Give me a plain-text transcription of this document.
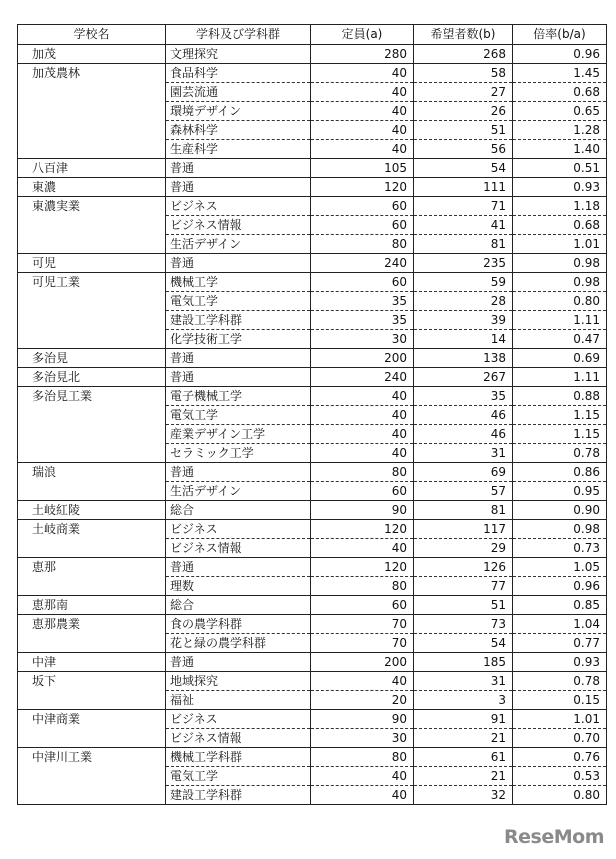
学校名	学科及び学科群	定員(a)	希望者数(b)	倍率(b/a)
加茂	文理探究	280	268	0.96
加茂農林	食品科学	40	58	1.45
	園芸流通	40	27	0.68
	環境デザイン	40	26	0.65
	森林科学	40	51	1.28
	生産科学	40	56	1.40
八百津	普通	105	54	0.51
東濃	普通	120	111	0.93
東濃実業	ビジネス	60	71	1.18
	ビジネス情報	60	41	0.68
	生活デザイン	80	81	1.01
可児	普通	240	235	0.98
可児工業	機械工学	60	59	0.98
	電気工学	35	28	0.80
	建設工学科群	35	39	1.11
	化学技術工学	30	14	0.47
多治見	普通	200	138	0.69
多治見北	普通	240	267	1.11
多治見工業	電子機械工学	40	35	0.88
	電気工学	40	46	1.15
	産業デザイン工学	40	46	1.15
	セラミック工学	40	31	0.78
瑞浪	普通	80	69	0.86
	生活デザイン	60	57	0.95
土岐紅陵	総合	90	81	0.90
土岐商業	ビジネス	120	117	0.98
	ビジネス情報	40	29	0.73
恵那	普通	120	126	1.05
	理数	80	77	0.96
恵那南	総合	60	51	0.85
恵那農業	食の農学科群	70	73	1.04
	花と緑の農学科群	70	54	0.77
中津	普通	200	185	0.93
坂下	地域探究	40	31	0.78
	福祉	20	3	0.15
中津商業	ビジネス	90	91	1.01
	ビジネス情報	30	21	0.70
中津川工業	機械工学科群	80	61	0.76
	電気工学	40	21	0.53
	建設工学科群	40	32	0.80
ReseMom
